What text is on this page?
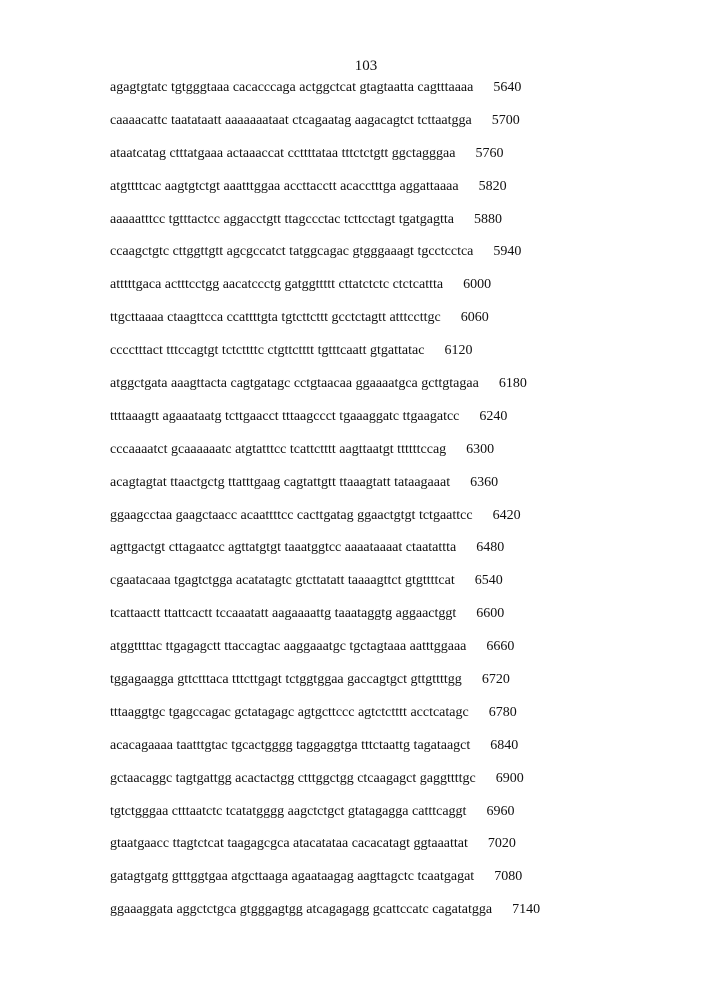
103
agagtgtatc tgtgggtaaa cacacccaga actggctcat gtagtaatta cagtttaaaa 5640
caaaacattc taatataatt aaaaaaataat ctcagaatag aagacagtct tcttaatgga 5700
ataatcatag ctttatgaaa actaaaccat ccttttataa tttctctgtt ggctagggaa 5760
atgttttcac aagtgtctgt aaatttggaa accttacctt acacctttga aggattaaaa 5820
aaaaatttcc tgtttactcc aggacctgtt ttagccctac tcttcctagt tgatgagtta 5880
ccaagctgtc cttggttgtt agcgccatct tatggcagac gtgggaaagt tgcctcctca 5940
atttttgaca actttcctgg aacatccctg gatggttttt cttatctctc ctctcattta 6000
ttgcttaaaa ctaagttcca ccattttgta tgtcttcttt gcctctagtt atttccttgc 6060
cccctttact tttccagtgt tctcttttc ctgttctttt tgtttcaatt gtgattatac 6120
atggctgata aaagttacta cagtgatagc cctgtaacaa ggaaaatgca gcttgtagaa 6180
ttttaaagtt agaaataatg tcttgaacct tttaagccct tgaaaggatc ttgaagatcc 6240
cccaaaatct gcaaaaaatc atgtatttcc tcattctttt aagttaatgt ttttttccag 6300
acagtagtat ttaactgctg ttatttgaag cagtattgtt ttaaagtatt tataagaaat 6360
ggaagcctaa gaagctaacc acaattttcc cacttgatag ggaactgtgt tctgaattcc 6420
agttgactgt cttagaatcc agttatgtgt taaatggtcc aaaataaaat ctaatattta 6480
cgaatacaaa tgagtctgga acatatagtc gtcttatatt taaaagttct gtgttttcat 6540
tcattaactt ttattcactt tccaaatatt aagaaaattg taaataggtg aggaactggt 6600
atggttttac ttgagagctt ttaccagtac aaggaaatgc tgctagtaaa aatttggaaa 6660
tggagaagga gttctttaca tttcttgagt tctggtggaa gaccagtgct gttgttttgg 6720
tttaaggtgc tgagccagac gctatagagc agtgcttccc agtctctttt acctcatagc 6780
acacagaaaa taatttgtac tgcactgggg taggaggtga tttctaattg tagataagct 6840
gctaacaggc tagtgattgg acactactgg ctttggctgg ctcaagagct gaggttttgc 6900
tgtctgggaa ctttaatctc tcatatgggg aagctctgct gtatagagga catttcaggt 6960
gtaatgaacc ttagtctcat taagagcgca atacatataa cacacatagt ggtaaattat 7020
gatagtgatg gtttggtgaa atgcttaaga agaataagag aagttagctc tcaatgagat 7080
ggaaaggata aggctctgca gtgggagtgg atcagagagg gcattccatc cagatatgga 7140
